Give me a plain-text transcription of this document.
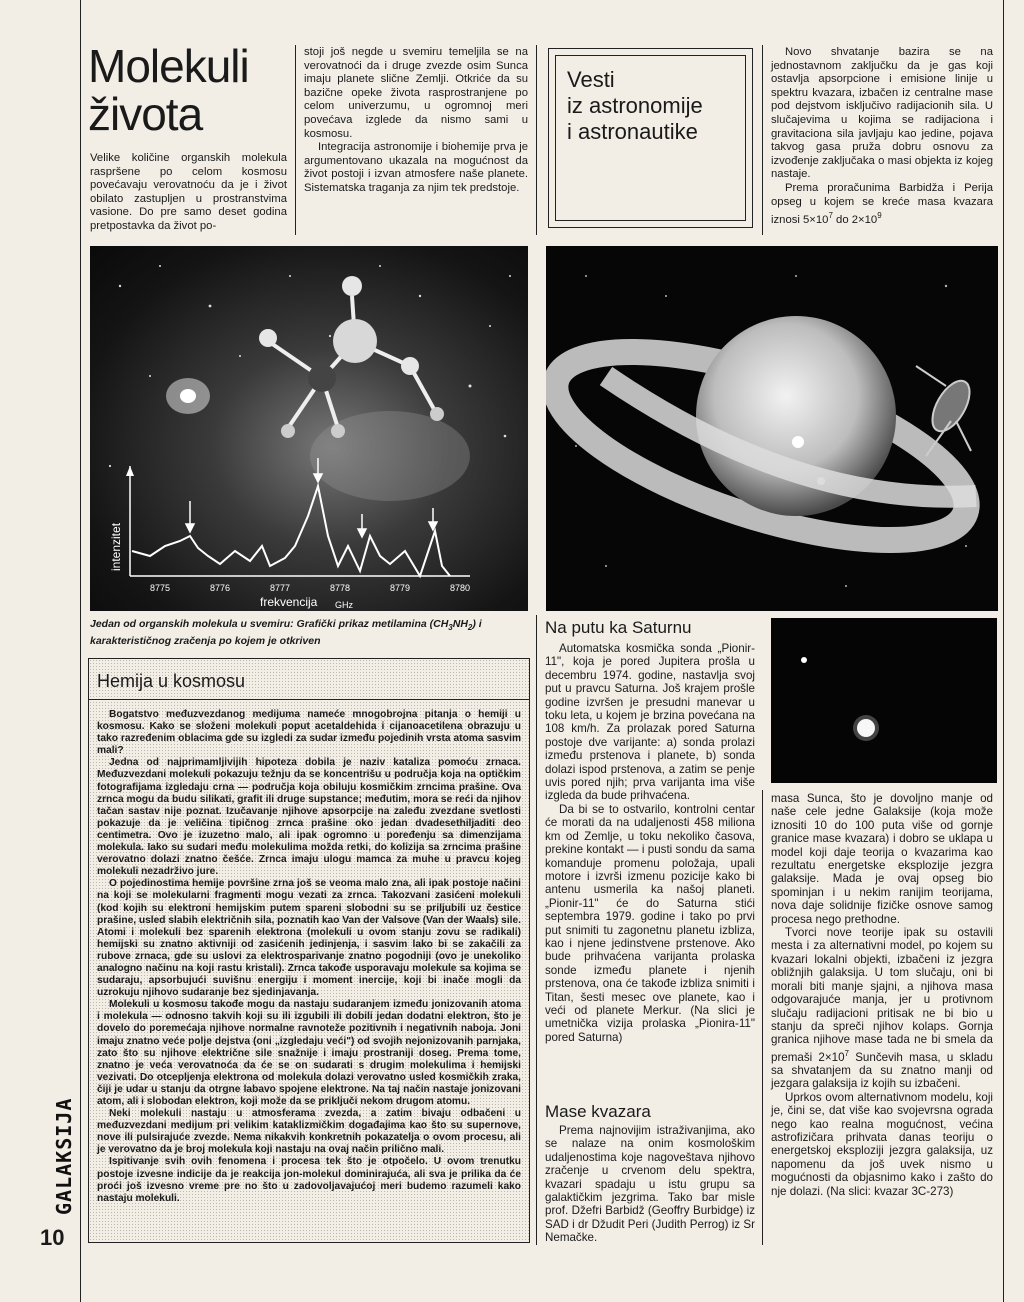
Molekuli
života

Velike količine organskih molekula raspršene po celom kosmosu povećavaju verovatnoću da je i život obilato zastupljen u prostranstvima vasione. Do pre samo deset godina pretpostavka da život po-

stoji još negde u svemiru temeljila se na verovatnoći da i druge zvezde osim Sunca imaju planete slične Zemlji. Otkriće da su bazične opeke života rasprostranjene po celom univerzumu, u ogromnoj meri povećava izglede da nismo sami u kosmosu.

Integracija astronomije i biohemije prva je argumentovano ukazala na mogućnost da život postoji i izvan atmosfere naše planete. Sistematska traganja za njim tek predstoje.

Vesti
iz astronomije
i astronautike

Novo shvatanje bazira se na jednostavnom zaključku da je gas koji ostavlja apsorpcione i emisione linije u spektru kvazara, izbačen iz centralne mase pod dejstvom isključivo radijacionih sila. U slučajevima u kojima se radijaciona i gravitaciona sila javljaju kao jedine, pojava takvog gasa pruža dobru osnovu za izvođenje zaključaka o masi objekta iz kojeg nastaje.

Prema proračunima Barbidža i Perija opseg u kojem se kreće masa kvazara iznosi $5\times 10^7$ do $2\times 10^9$

intenzitet
8775	8776	8777	8778	8779	8780
frekvencija GHz
Jedan od organskih molekula u svemiru: Grafički prikaz metilamina $(CH_3NH_2)$ i karakterističnog zračenja po kojem je otkriven
Hemija u kosmosu

Bogatstvo međuzvezdanog medijuma nameće mnogobrojna pitanja o hemiji u kosmosu. Kako se složeni molekuli poput acetaldehida i cijanoacetilena obrazuju u tako razređenim oblacima gde su izgledi za sudar između pojedinih vrsta atoma sasvim mali?

Jedna od najprimamljivijih hipoteza dobila je naziv kataliza pomoću zrnaca. Međuzvezdani molekuli pokazuju težnju da se koncentrišu u područja koja na optičkim fotografijama izgledaju crna — područja koja obiluju kosmičkim zrncima prašine. Ova zrnca mogu da budu silikati, grafit ili druge supstance; međutim, mora se reći da njihov tačan sastav nije poznat. Izučavanje njihove apsorpcije na zaleđu zvezdane svetlosti pokazuje da je veličina tipičnog zrnca prašine oko jedan dvadesethiljaditi deo centimetra. Ovo je izuzetno malo, ali ipak ogromno u poređenju sa dimenzijama molekula. Iako su sudari među molekulima možda retki, do kolizija sa zrncima prašine verovatno dolazi znatno češće. Zrnca imaju ulogu mamca za muhe u pravcu kojeg molekuli nezadrživo jure.

O pojedinostima hemije površine zrna još se veoma malo zna, ali ipak postoje načini na koji se molekularni fragmenti mogu vezati za zrnca. Takozvani zasićeni molekuli (kod kojih su elektroni hemijskim putem spareni slobodni su se priljubili uz čestice prašine, usled slabih električnih sila, poznatih kao Van der Valsove (Van der Waals) sile. Atomi i molekuli bez sparenih elektrona (molekuli u ovom stanju zovu se radikali) hemijski su znatno aktivniji od zasićenih jedinjenja, i sasvim lako bi se zakačili za rubove zrnaca, gde su uslovi za elektrosparivanje znatno pogodniji (ovo je unekoliko analogno načinu na koji rastu kristali). Zrnca takođe usporavaju molekule sa kojima se sudaraju, apsorbujući suvišnu energiju i moment inercije, koji bi inače mogli da uzrokuju njihovo sudaranje bez sjedinjavanja.

Molekuli u kosmosu takođe mogu da nastaju sudaranjem između jonizovanih atoma i molekula — odnosno takvih koji su ili izgubili ili dobili jedan dodatni elektron, što je dovelo do poremećaja njihove normalne ravnoteže pozitivnih i negativnih naboja. Joni imaju znatno veće polje dejstva (oni „izgledaju veći") od svojih nejonizovanih parnjaka, zato što su njihove električne sile snažnije i imaju prostraniji doseg. Prema tome, znatno je veća verovatnoća da će se on sudarati s drugim molekulima i hemijski vezivati. Do otcepljenja elektrona od molekula dolazi verovatno usled kosmičkih zraka, čiji je udar u stanju da otrgne labavo spojene elektrone. Na taj način nastaje jonizovani atom, ali i slobodan elektron, koji može da se priključi nekom drugom atomu.

Neki molekuli nastaju u atmosferama zvezda, a zatim bivaju odbačeni u međuzvezdani medijum pri velikim kataklizmičkim događajima kao što su supernove, nove ili pulsirajuće zvezde. Nema nikakvih konkretnih pokazatelja o ovom procesu, ali je verovatno da je broj molekula koji nastaju na ovaj način prilično mali.

Ispitivanje svih ovih fenomena i procesa tek što je otpočelo. U ovom trenutku postoje izvesne indicije da je reakcija jon-molekul dominirajuća, ali sva je prilika da će proći još izvesno vreme pre no što u zadovoljavajućoj meri budemo razumeli kako nastaju molekuli.

Na putu ka Saturnu

Automatska kosmička sonda „Pionir-11", koja je pored Jupitera prošla u decembru 1974. godine, nastavlja svoj put u pravcu Saturna. Još krajem prošle godine izvršen je presudni manevar u toku leta, u kojem je brzina povećana na 108 km/h. Za prolazak pored Saturna postoje dve varijante: a) sonda prolazi između prstenova i planete, b) sonda dolazi ispod prstenova, a zatim se penje uvis pored njih; prva varijanta ima više izgleda da bude prihvaćena.

Da bi se to ostvarilo, kontrolni centar će morati da na udaljenosti 458 miliona km od Zemlje, u toku nekoliko časova, prekine kontakt — i pusti sondu da sama komanduje promenu položaja, upali motore i izvrši izmenu pozicije kako bi antenu usmerila ka našoj planeti. „Pionir-11" će do Saturna stići septembra 1979. godine i tako po prvi put snimiti tu zagonetnu planetu izbliza, kao i njene jedinstvene prstenove. Ako bude prihvaćena varijanta prolaska sonde između planete i njenih prstenova, ona će takođe izbliza snimiti i Titan, šesti mesec ove planete, kao i veći od planete Merkur. (Na slici je umetnička vizija prolaska „Pionira-11" pored Saturna)

Mase kvazara

Prema najnovijim istraživanjima, ako se nalaze na onim kosmološkim udaljenostima koje nagoveštava njihovo zračenje u crvenom delu spektra, kvazari spadaju u istu grupu sa galaktičkim jezgrima. Tako bar misle prof. Džefri Barbidž (Geoffry Burbidge) iz SAD i dr Džudit Peri (Judith Perrog) iz Sr Nemačke.

masa Sunca, što je dovoljno manje od naše cele jedne Galaksije (koja može iznositi 10 do 100 puta više od gornje granice mase kvazara) i dobro se uklapa u model koji daje teorija o kvazarima kao rezultatu energetske eksplozije jezgra galaksije. Mada je ovaj opseg bio spominjan i u nekim ranijim teorijama, nova daje solidnije fizičke osnove samog procesa nego prethodne.

Tvorci nove teorije ipak su ostavili mesta i za alternativni model, po kojem su kvazari lokalni objekti, izbačeni iz jezgra obližnjih galaksija. U tom slučaju, oni bi morali biti manje sjajni, a njihova masa odgovarajuće manja, jer u protivnom slučaju radijacioni pritisak ne bi bio u stanju da spreči njihov kolaps. Gornja granica njihove mase tada ne bi smela da premaši $2\times 10^7$ Sunčevih masa, u skladu sa shvatanjem da su znatno manji od jezgara galaksija iz kojih su izbačeni.

Uprkos ovom alternativnom modelu, koji je, čini se, dat više kao svojevrsna ograda nego kao realna mogućnost, većina astrofizičara prihvata danas teoriju o energetskoj eksploziji jezgra galaksija, uz napomenu da još uvek nismo u mogućnosti da objasnimo kako i zašto do nje dolazi. (Na slici: kvazar 3C-273)

GALAKSIJA
10
